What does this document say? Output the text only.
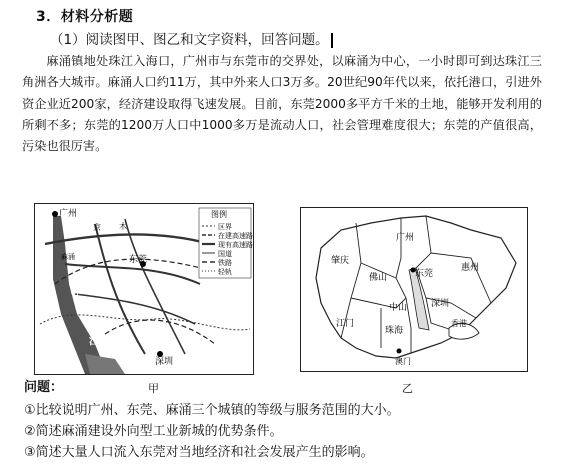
3．材料分析题
（1）阅读图甲、图乙和文字资料，回答问题。

麻涌镇地处珠江入海口，广州市与东莞市的交界处，以麻涌为中心，一小时即可到达珠江三角洲各大城市。麻涌人口约11万，其中外来人口3万多。20世纪90年代以来，依托港口，引进外资企业近200家，经济建设取得飞速发展。目前，东莞2000多平方千米的土地，能够开发利用的所剩不多；东莞的1200万人口中1000多万是流动人口，社会管理难度很大；东莞的产值很高，污染也很厉害。

广州
京
东莞
麻涌
深圳
珠
江
木
图例
区界
在建高速路
现有高速路
国道
铁路
轻轨
广州
肇庆
佛山	东莞
惠州
江门
中山
珠海
深圳
香港
澳门
问题：	甲	乙
①比较说明广州、东莞、麻涌三个城镇的等级与服务范围的大小。
②简述麻涌建设外向型工业新城的优势条件。
③简述大量人口流入东莞对当地经济和社会发展产生的影响。
